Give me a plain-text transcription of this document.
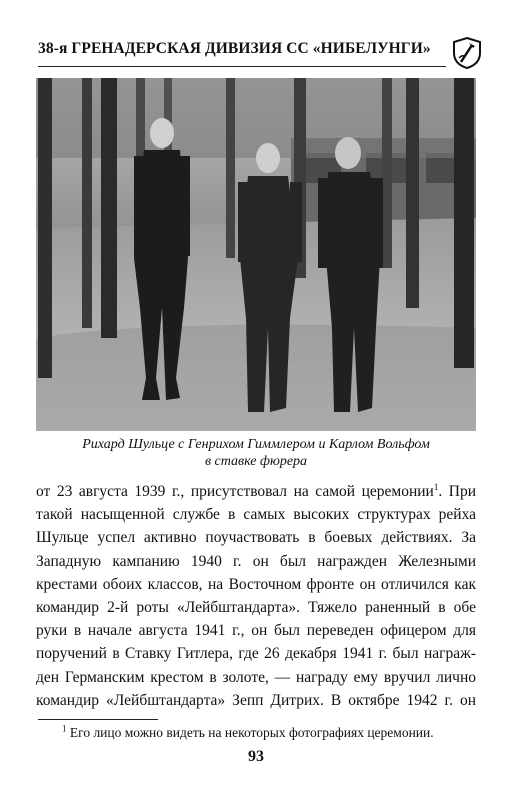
38-я ГРЕНАДЕРСКАЯ ДИВИЗИЯ СС «НИБЕЛУНГИ»
Рихард Шульце с Генрихом Гиммлером и Карлом Вольфом
в ставке фюрера
от 23 августа 1939 г., присутствовал на самой церемонии$^1$. При
такой насыщенной службе в самых высоких структурах рейха
Шульце успел активно поучаствовать в боевых действиях. За
Западную кампанию 1940 г. он был награжден Железными
крестами обоих классов, на Восточном фронте он отличился как
командир 2-й роты «Лейбштандарта». Тяжело раненный в обе
руки в начале августа 1941 г., он был переведен офицером для
поручений в Ставку Гитлера, где 26 декабря 1941 г. был награж-
ден Германским крестом в золоте, — награду ему вручил лично
командир «Лейбштандарта» Зепп Дитрих. В октябре 1942 г. он
$^1$ Его лицо можно видеть на некоторых фотографиях церемонии.
93
